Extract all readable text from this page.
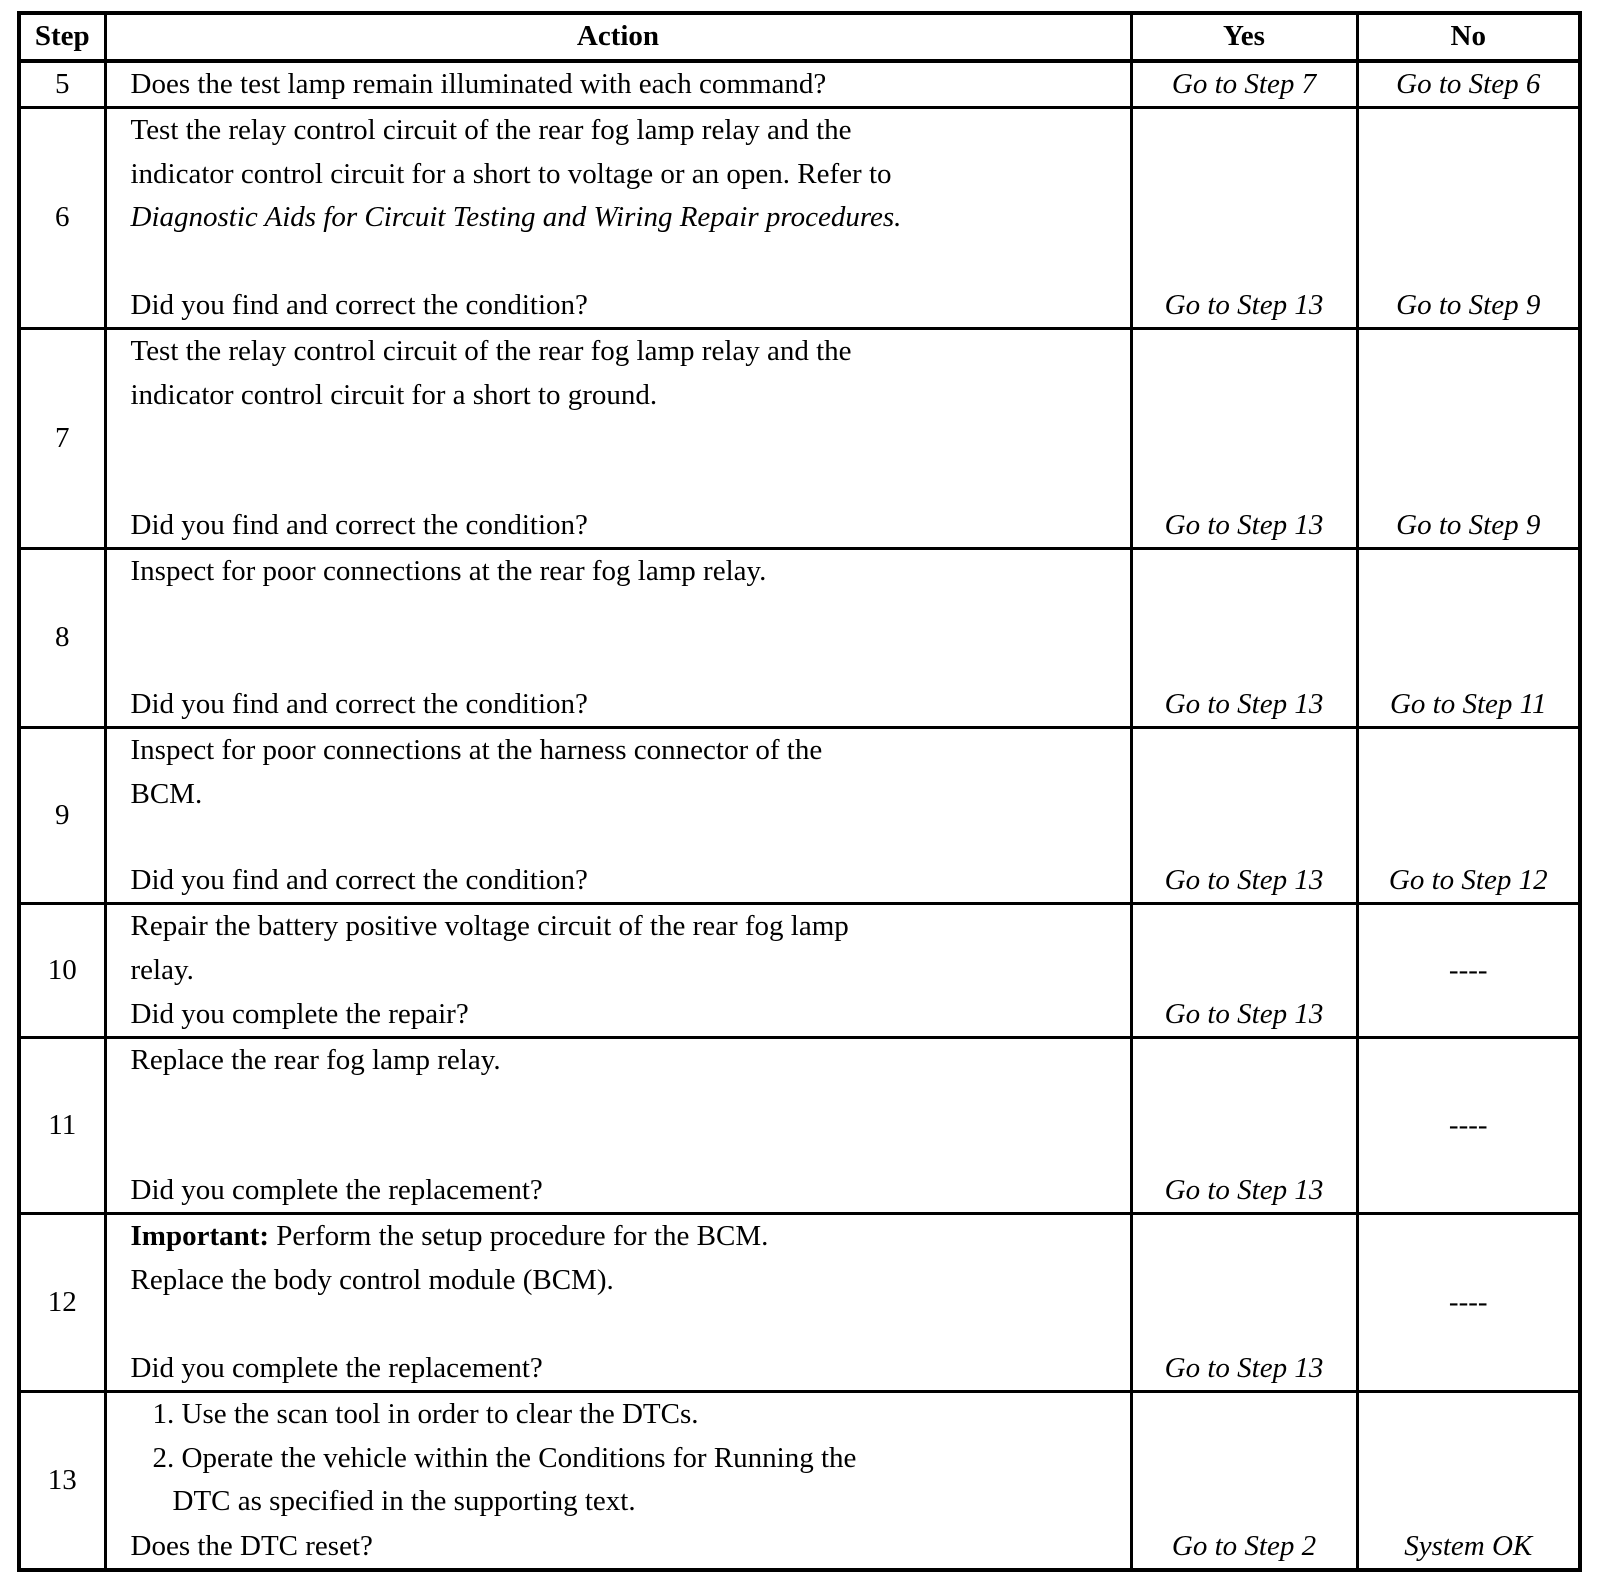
Step	Action	Yes	No
5	Does the test lamp remain illuminated with each command?	Go to Step 7	Go to Step 6
6	Test the relay control circuit of the rear fog lamp relay and the
indicator control circuit for a short to voltage or an open. Refer to
Diagnostic Aids for Circuit Testing and Wiring Repair procedures.
Did you find and correct the condition?	Go to Step 13	Go to Step 9
7	Test the relay control circuit of the rear fog lamp relay and the
indicator control circuit for a short to ground.
Did you find and correct the condition?	Go to Step 13	Go to Step 9
8	Inspect for poor connections at the rear fog lamp relay.
Did you find and correct the condition?	Go to Step 13	Go to Step 11
9	Inspect for poor connections at the harness connector of the
BCM.
Did you find and correct the condition?	Go to Step 13	Go to Step 12
10	Repair the battery positive voltage circuit of the rear fog lamp
relay.
Did you complete the repair?	Go to Step 13	----
11	Replace the rear fog lamp relay.
Did you complete the replacement?	Go to Step 13	----
12	Important: Perform the setup procedure for the BCM.
Replace the body control module (BCM).
Did you complete the replacement?	Go to Step 13	----
13	1. Use the scan tool in order to clear the DTCs.
2. Operate the vehicle within the Conditions for Running the
DTC as specified in the supporting text.
Does the DTC reset?	Go to Step 2	System OK
